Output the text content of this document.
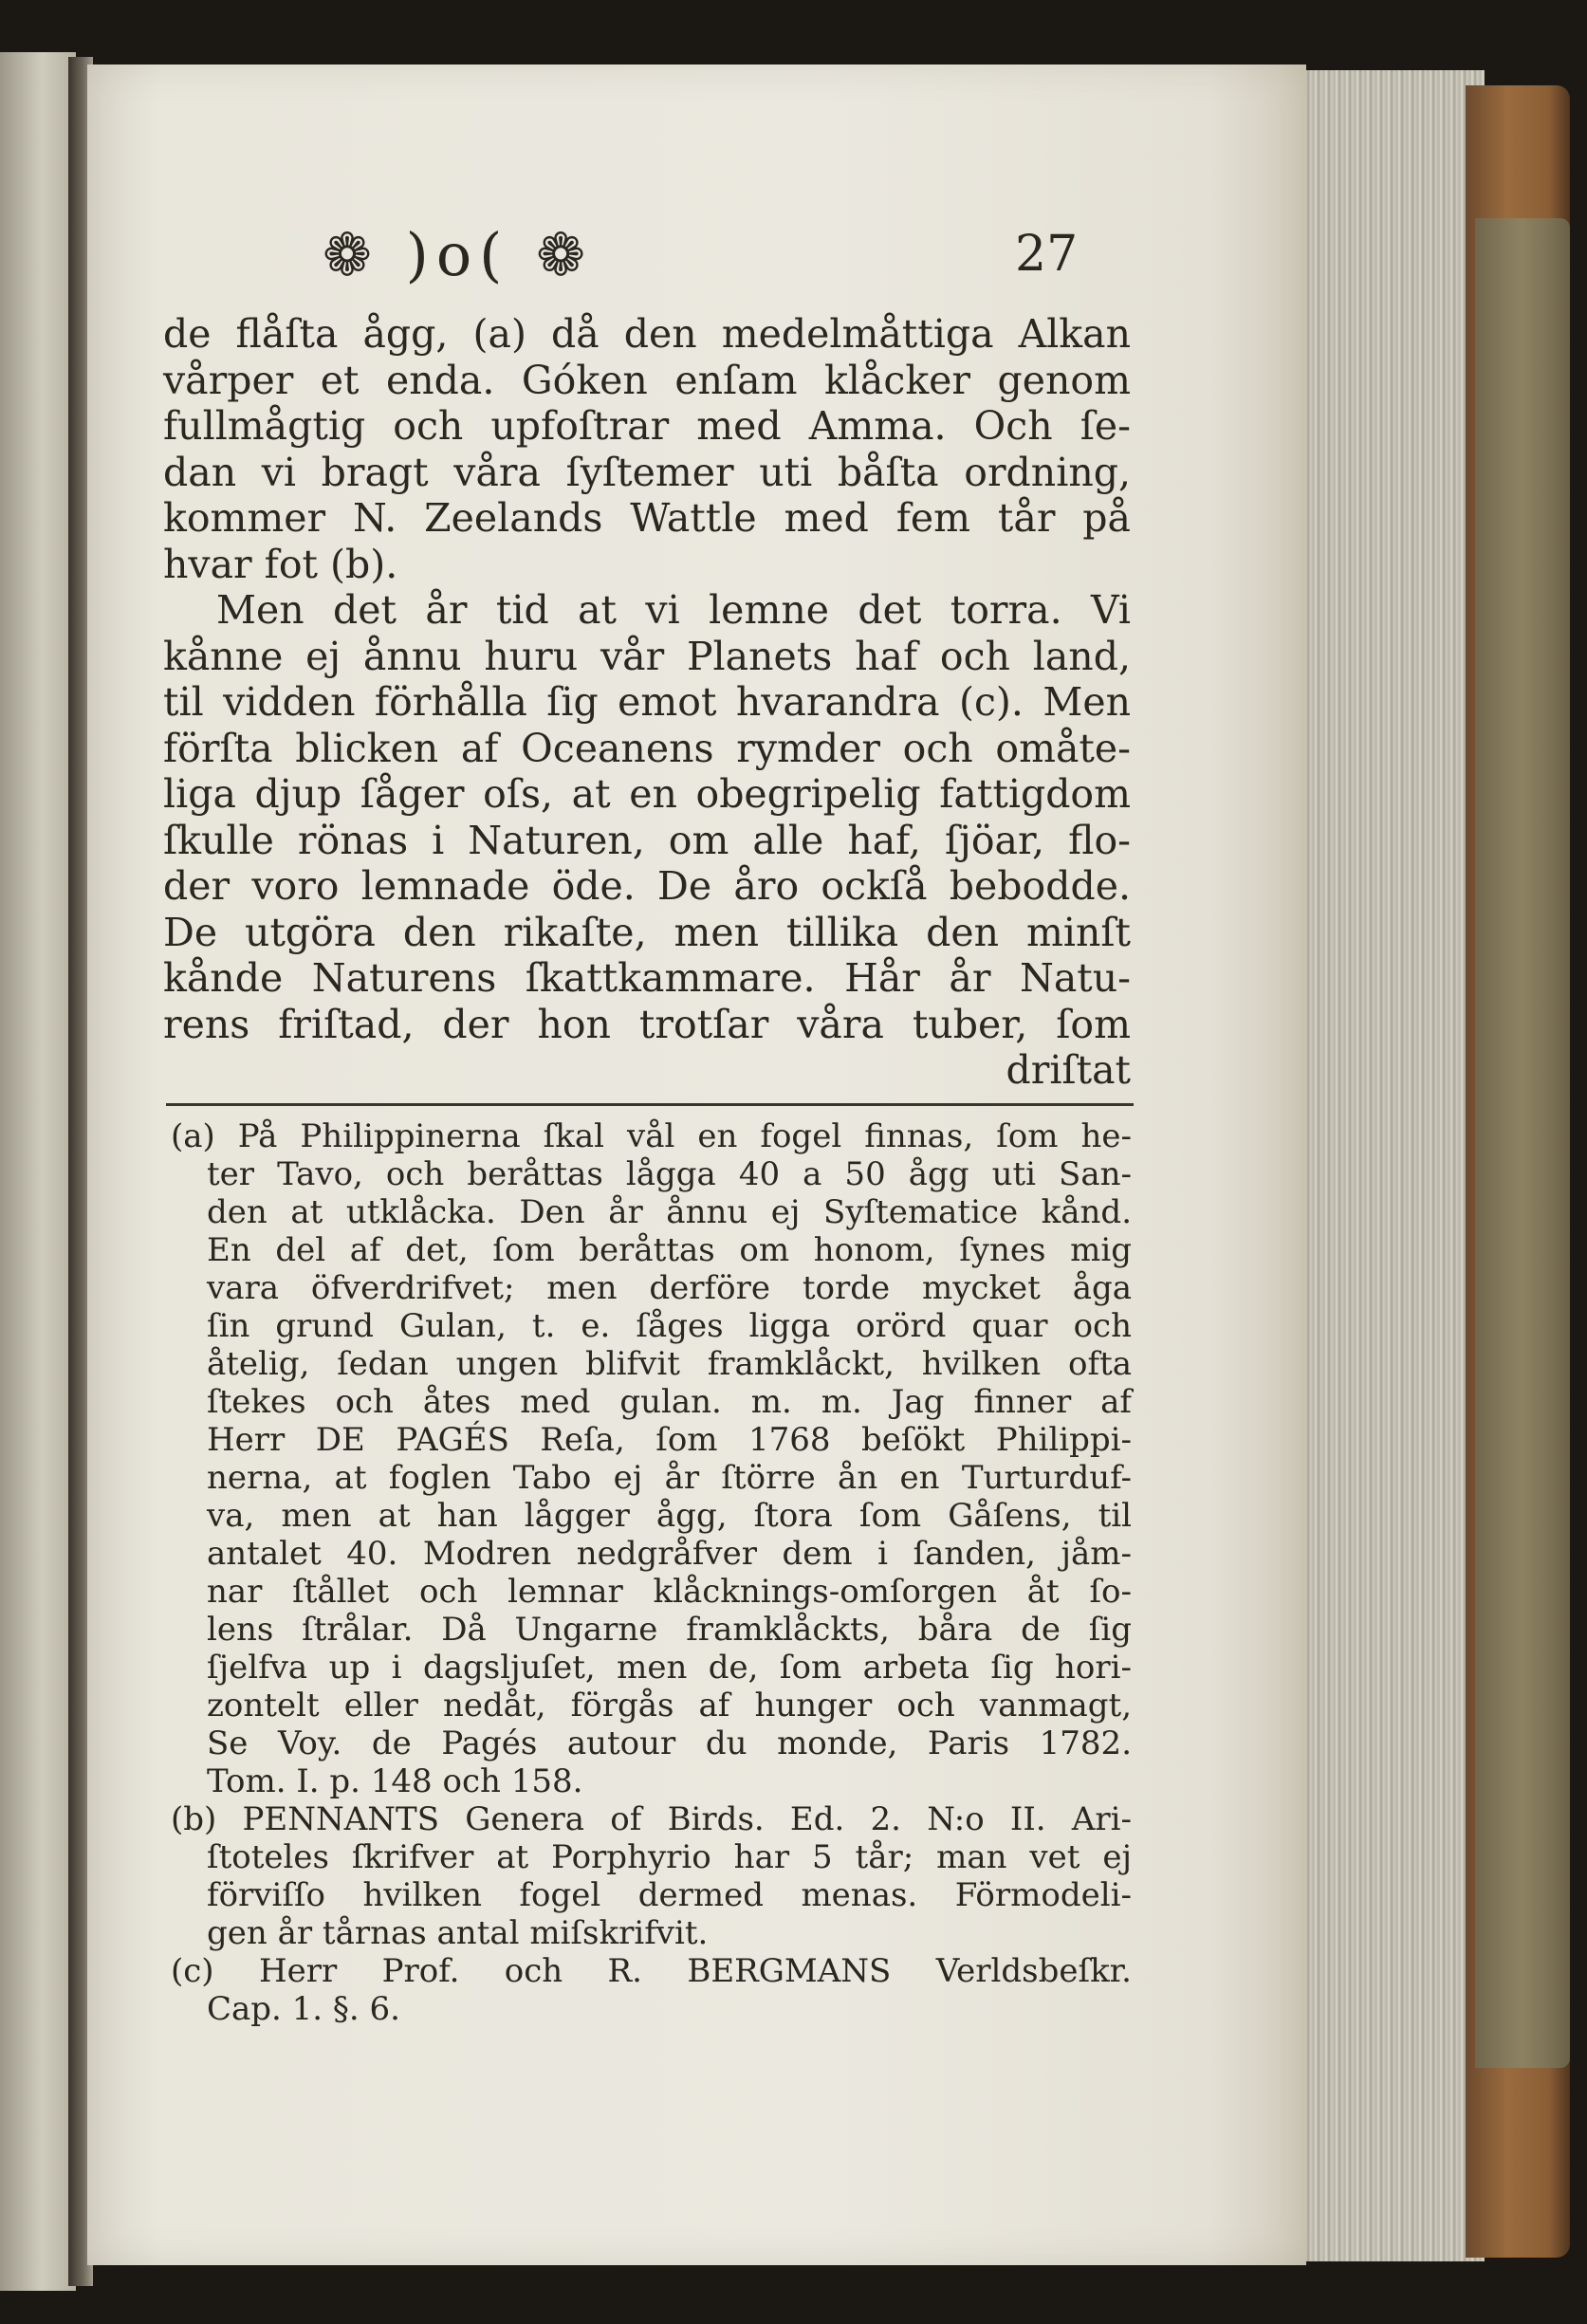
❁ )o( ❁	27
de flåſta ågg, (a) då den medelmåttiga Alkan
vårper et enda. Góken enſam klåcker genom
fullmågtig och upfoſtrar med Amma. Och ſe-
dan vi bragt våra ſyſtemer uti båſta ordning,
kommer N. Zeelands Wattle med fem tår på
hvar fot (b).
Men det år tid at vi lemne det torra. Vi
kånne ej ånnu huru vår Planets haf och land,
til vidden förhålla ſig emot hvarandra (c). Men
förſta blicken af Oceanens rymder och omåte-
liga djup ſåger oſs, at en obegripelig fattigdom
ſkulle rönas i Naturen, om alle haf, ſjöar, flo-
der voro lemnade öde. De åro ockſå bebodde.
De utgöra den rikaſte, men tillika den minſt
(a) På Philippinerna ſkal vål en fogel finnas, ſom he-
ter Tavo, och beråttas lågga 40 a 50 ågg uti San-
den at utklåcka. Den år ånnu ej Syſtematice kånd.
En del af det, ſom beråttas om honom, ſynes mig
vara öfverdrifvet; men derföre torde mycket åga
ſin grund Gulan, t. e. ſåges ligga orörd quar och
åtelig, ſedan ungen blifvit framklåckt, hvilken ofta
ſtekes och åtes med gulan. m. m. Jag finner af
Herr DE PAGÉS Reſa, ſom 1768 beſökt Philippi-
nerna, at foglen Tabo ej år ſtörre ån en Turturduf-
va, men at han lågger ågg, ſtora ſom Gåſens, til
antalet 40. Modren nedgråfver dem i ſanden, jåm-
nar ſtållet och lemnar klåcknings-omſorgen åt ſo-
lens ſtrålar. Då Ungarne framklåckts, båra de ſig
ſjelfva up i dagsljuſet, men de, ſom arbeta ſig hori-
zontelt eller nedåt, förgås af hunger och vanmagt,
Se Voy. de Pagés autour du monde, Paris 1782.
Tom. I. p. 148 och 158.
(b) PENNANTS Genera of Birds. Ed. 2. N:o II. Ari-
ſtoteles ſkrifver at Porphyrio har 5 tår; man vet ej
förviſſo hvilken fogel dermed menas. Förmodeli-
gen år tårnas antal miſskrifvit.
(c) Herr Prof. och R. BERGMANS Verldsbeſkr.
Cap. 1. §. 6.
kånde Naturens ſkattkammare. Hår år Natu-
rens friſtad, der hon trotſar våra tuber, ſom
driſtat
